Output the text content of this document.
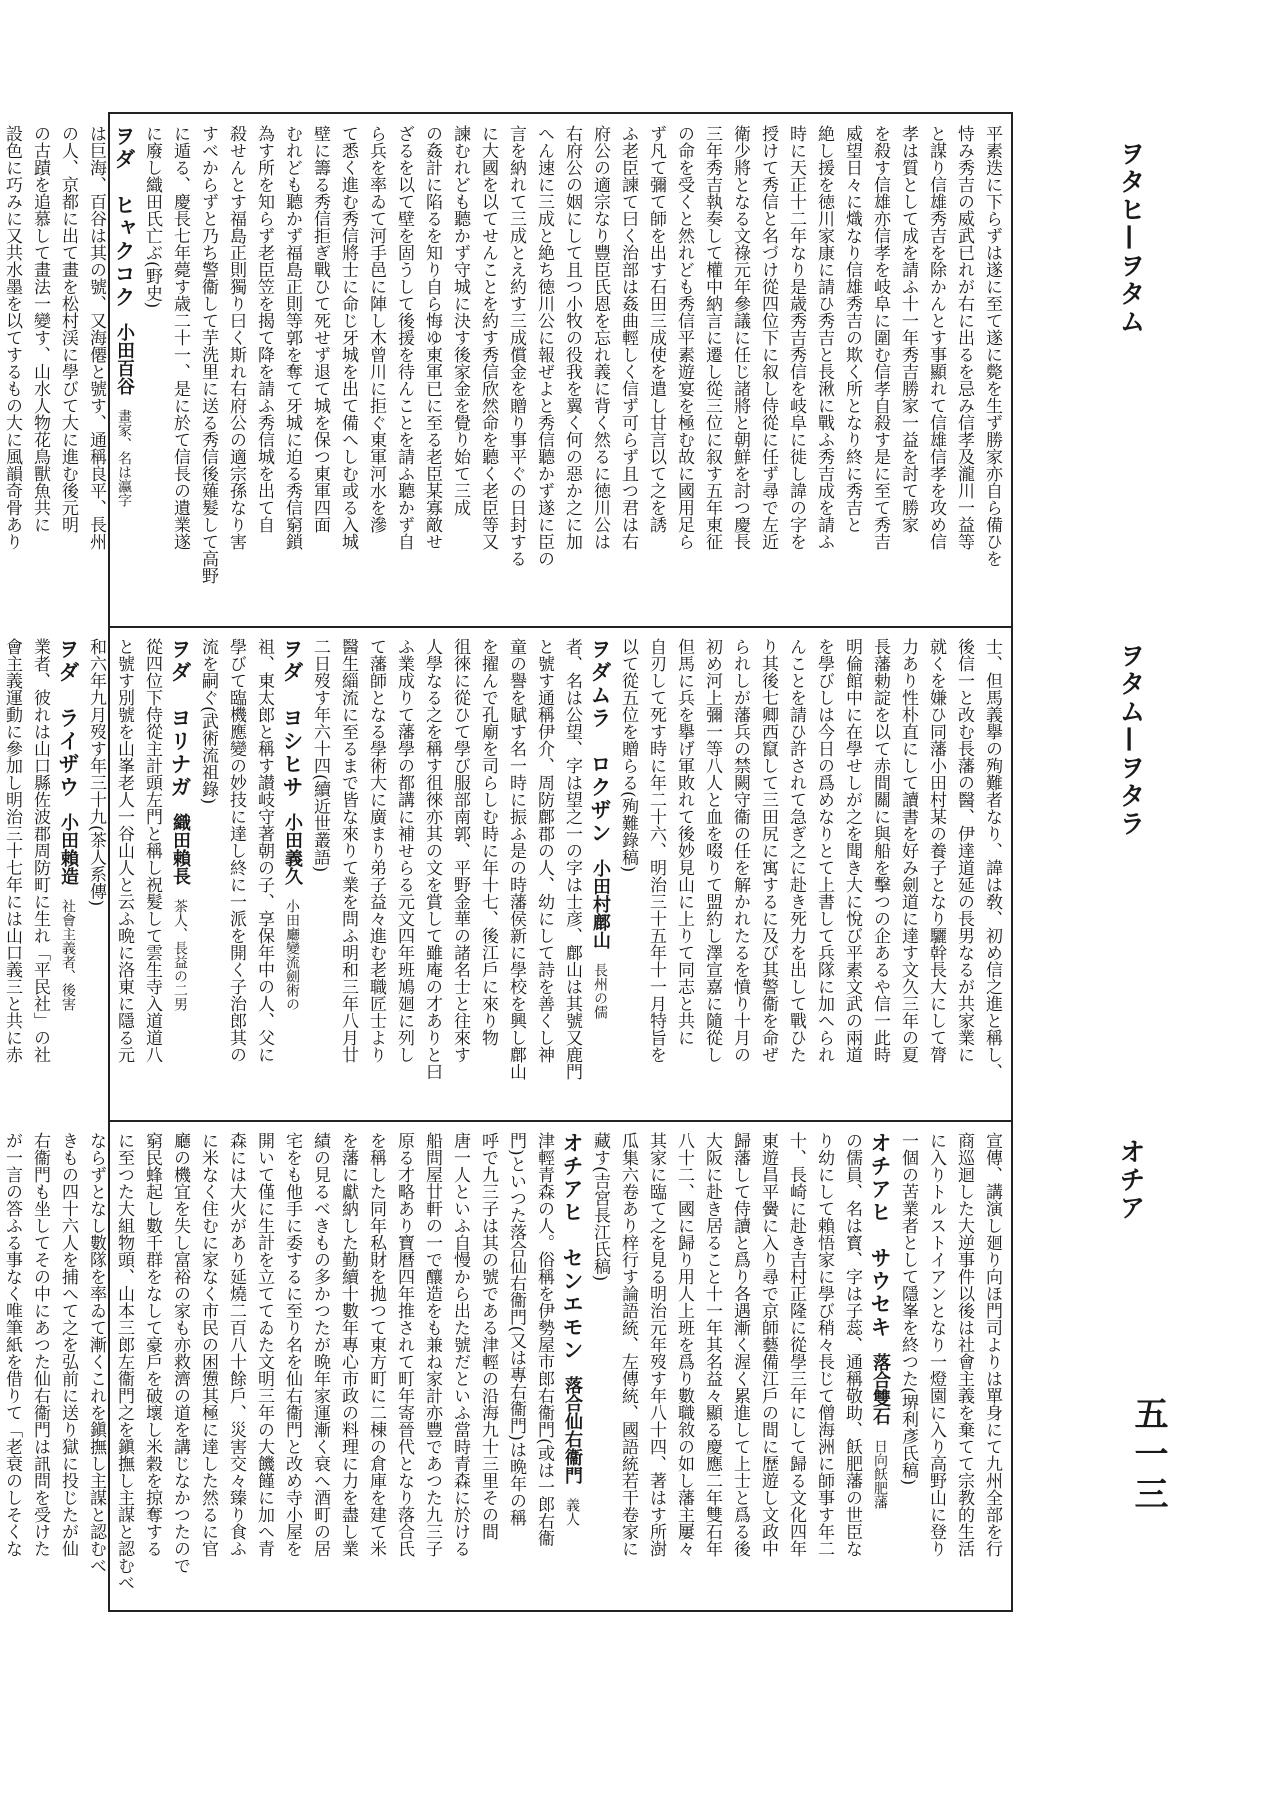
ヲタヒ—ヲタム
ヲタム—ヲタラ
オチア
五一三
平素迭に下らずは遂に至て遂に斃を生ず勝家亦自ら備ひを
恃み秀吉の威武已れが右に出るを忌み信孝及瀧川一益等
と謀り信雄秀吉を除かんとす事顯れて信雄信孝を攻め信
孝は質として成を請ふ十一年秀吉勝家一益を討て勝家
を殺す信雄亦信孝を岐阜に圍む信孝自殺す是に至て秀吉
威望日々に熾なり信雄秀吉の欺く所となり終に秀吉と
絶し援を徳川家康に請ひ秀吉と長湫に戰ふ秀吉成を請ふ
時に天正十二年なり是歳秀吉秀信を岐阜に徙し諱の字を
授けて秀信と名づけ從四位下に叙し侍從に任ず尋で左近
衛少將となる文祿元年參議に任じ諸將と朝鮮を討つ慶長
三年秀吉執奏して權中納言に遷し從三位に叙す五年東征
の命を受くと然れども秀信平素遊宴を極む故に國用足ら
ず凡て彌て師を出す石田三成使を遣し甘言以て之を誘
ふ老臣諫て曰く治部は姦曲輕しく信ず可らず且つ君は右
府公の適宗なり豐臣氏恩を忘れ義に背く然るに徳川公は
右府公の姻にして且つ小牧の役我を翼く何の惡か之に加
へん速に三成と絶ち徳川公に報ぜよと秀信聽かず遂に臣の
言を納れて三成とえ約す三成償金を贈り事平ぐの日封する
に大國を以てせんことを約す秀信欣然命を聽く老臣等又
諫むれども聽かず守城に決す後家金を覺り始て三成
の姦計に陷るを知り自ら悔ゆ東軍已に至る老臣某寡敵せ
ざるを以て壁を固うして後援を待んことを請ふ聽かず自
ら兵を率ゐて河手邑に陣し木曾川に拒ぐ東軍河水を滲
て悉く進む秀信將士に命じ牙城を出て備へしむ或る入城
壁に籌る秀信拒ぎ戰ひて死せず退て城を保つ東軍四面
むれども聽かず福島正則等郭を奪て牙城に迫る秀信窮鎖
為す所を知らず老臣笠を揭て降を請ふ秀信城を出て自
殺せんとす福島正則獨り曰く斯れ右府公の適宗孫なり害
すべからずと乃ち警衞して芋洗里に送る秀信後薙髮して高野
に遁る、慶長七年薨す歳二十一、是に於て信長の遺業遂
に廢し織田氏亡ぶ(野史)
ヲダ　ヒャクコク小田百谷畫家、名は瀛字
は巨海、百谷は其の號、又海僊と號す、通稱良平、長州
の人、京都に出て畫を松村渓に學びて大に進む後元明
の古蹟を追慕して畫法一變す、山水人物花鳥獸魚共に
設色に巧みに又共水墨を以てするもの大に風韻奇骨あり
士、但馬義擧の殉難者なり、諱は敎、初め信之進と稱し、
後信一と改む長藩の醫、伊達道延の長男なるが共家業に
就くを嫌ひ同藩小田村某の養子となり驪幹長大にして膂
力あり性朴直にして讀書を好み劍道に達す文久三年の夏
長藩勅諚を以て赤間關に與船を擊つの企あるや信一此時
明倫館中に在學せしが之を聞き大に悅び平素文武の兩道
を學びしは今日の爲めなりとて上書して兵隊に加へられ
んことを請ひ許されて急ぎ之に赴き死力を出して戰ひた
り其後七卿西竄して三田尻に寓するに及び其警衞を命ぜ
られしが藩兵の禁闕守衞の任を解かれたるを憤り十月の
初め河上彌一等八人と血を啜りて盟約し澤宣嘉に隨從し
但馬に兵を擧げ軍敗れて後妙見山に上りて同志と共に
自刃して死す時に年二十六、明治三十五年十一月特旨を
以て從五位を贈らる(殉難錄稿)
ヲダムラ　ロクザン小田村鄜山長州の儒
者、名は公望、字は望之一の字は士彦、鄜山は其號又鹿門
と號す通稱伊介、周防鄜郡の人、幼にして詩を善くし神
童の譽を賦す名一時に振ふ是の時藩侯新に學校を興し鄜山
を擢んで孔廟を司らしむ時に年十七、後江戶に來り物
徂徠に從ひて學び服部南郭、平野金華の諸名士と往來す
人學なる之を稱す徂徠亦其の文を賞して雖庵の才ありと曰
ふ業成りて藩學の都講に補せらる元文四年班鳩廻に列し
て藩師となる學術大に廣まり弟子益々進む老職匠士より
醫生緇流に至るまで皆な來りて業を問ふ明和三年八月廿
二日歿す年六十四(續近世叢語)
ヲダ　ヨシヒサ小田義久小田廳變流劍術の
祖、東太郎と稱す讃岐守著朝の子、享保年中の人、父に
學びて臨機應變の妙技に達し終に一派を開く子治郎其の
流を嗣ぐ(武術流祖錄)
ヲダ　ヨリナガ織田賴長茶人、長益の二男
從四位下侍從主計頭左門と稱し祝髮して雲生寺入道道八
と號す別號を山峯老人一谷山人と云ふ晩に洛東に隱る元
和六年九月歿す年三十九(茶人系傳)
ヲダ　ライザウ小田賴造社會主義者、後害
業者、彼れは山口縣佐波郡周防町に生れ「平民社」の社
會主義運動に參加し明治三十七年には山口義三と共に赤
宣傳、講演し廻り向ほ門司よりは單身にて九州全部を行
商巡迴した大逆事件以後は社會主義を棄てて宗教的生活
に入りトルストイアンとなり一燈園に入り高野山に登り
一個の苦業者として隱峯を終つた(堺利彥氏稿)
オチアヒ　サウセキ落合雙石日向飫肥藩
の儒員、名は寳、字は子蕊、通稱敬助、飫肥藩の世臣な
り幼にして賴悟家に學び稍々長じて僧海洲に師事す年二
十、長崎に赴き吉村正隆に從學三年にして歸る文化四年
東遊昌平黌に入り尋で京師藝備江戶の間に歷遊し文政中
歸藩して侍讀と爲り各遇漸く渥く累進して上士と爲る後
大阪に赴き居ること十一年其名益々顯る慶應二年雙石年
八十二、國に歸り用人上班を爲り數職敘の如し藩主屢々
其家に臨て之を見る明治元年歿す年八十四、著はす所澍
瓜集六卷あり梓行す論語統、左傳統、國語統若干卷家に
藏す(吉宮長江氏稿)
オチアヒ　センエモン落合仙右衞門義人
津輕青森の人。俗稱を伊勢屋市郎右衞門(或は一郎右衞
門)といつた落合仙右衞門(又は專右衞門)は晩年の稱
呼で九三子は其の號である津輕の沿海九十三里その間
唐一人といふ自慢から出た號だといふ當時青森に於ける
船問屋廿軒の一で釀造をも兼ね家計亦豐であつた九三子
原る才略あり寶曆四年推されて町年寄晉代となり落合氏
を稱した同年私財を拋つて東方町に二棟の倉庫を建て米
を藩に獻納した勤續十數年專心市政の料理に力を盡し業
績の見るべきもの多かつたが晩年家運漸く衰へ酒町の居
宅をも他手に委するに至り名を仙右衞門と改め寺小屋を
開いて僅に生計を立ててゐた文明三年の大饑饉に加へ青
森には大火があり延燒二百八十餘戶、災害交々臻り食ふ
に米なく住むに家なく市民の困憊其極に達した然るに官
廳の機宜を失し富裕の家も亦救濟の道を講じなかつたので
窮民蜂起し數千群をなして豪戶を破壞し米穀を掠奪する
に至つた大組物頭、山本三郎左衞門之を鎭撫し主謀と認むべ
ならずとなし數隊を率ゐて漸くこれを鎭撫し主謀と認むべ
きもの四十六人を捕へて之を弘前に送り獄に投じたが仙
右衞門も坐してその中にあつた仙右衞門は訊問を受けた
が一言の答ふる事なく唯筆紙を借りて「老衰のしそくな
